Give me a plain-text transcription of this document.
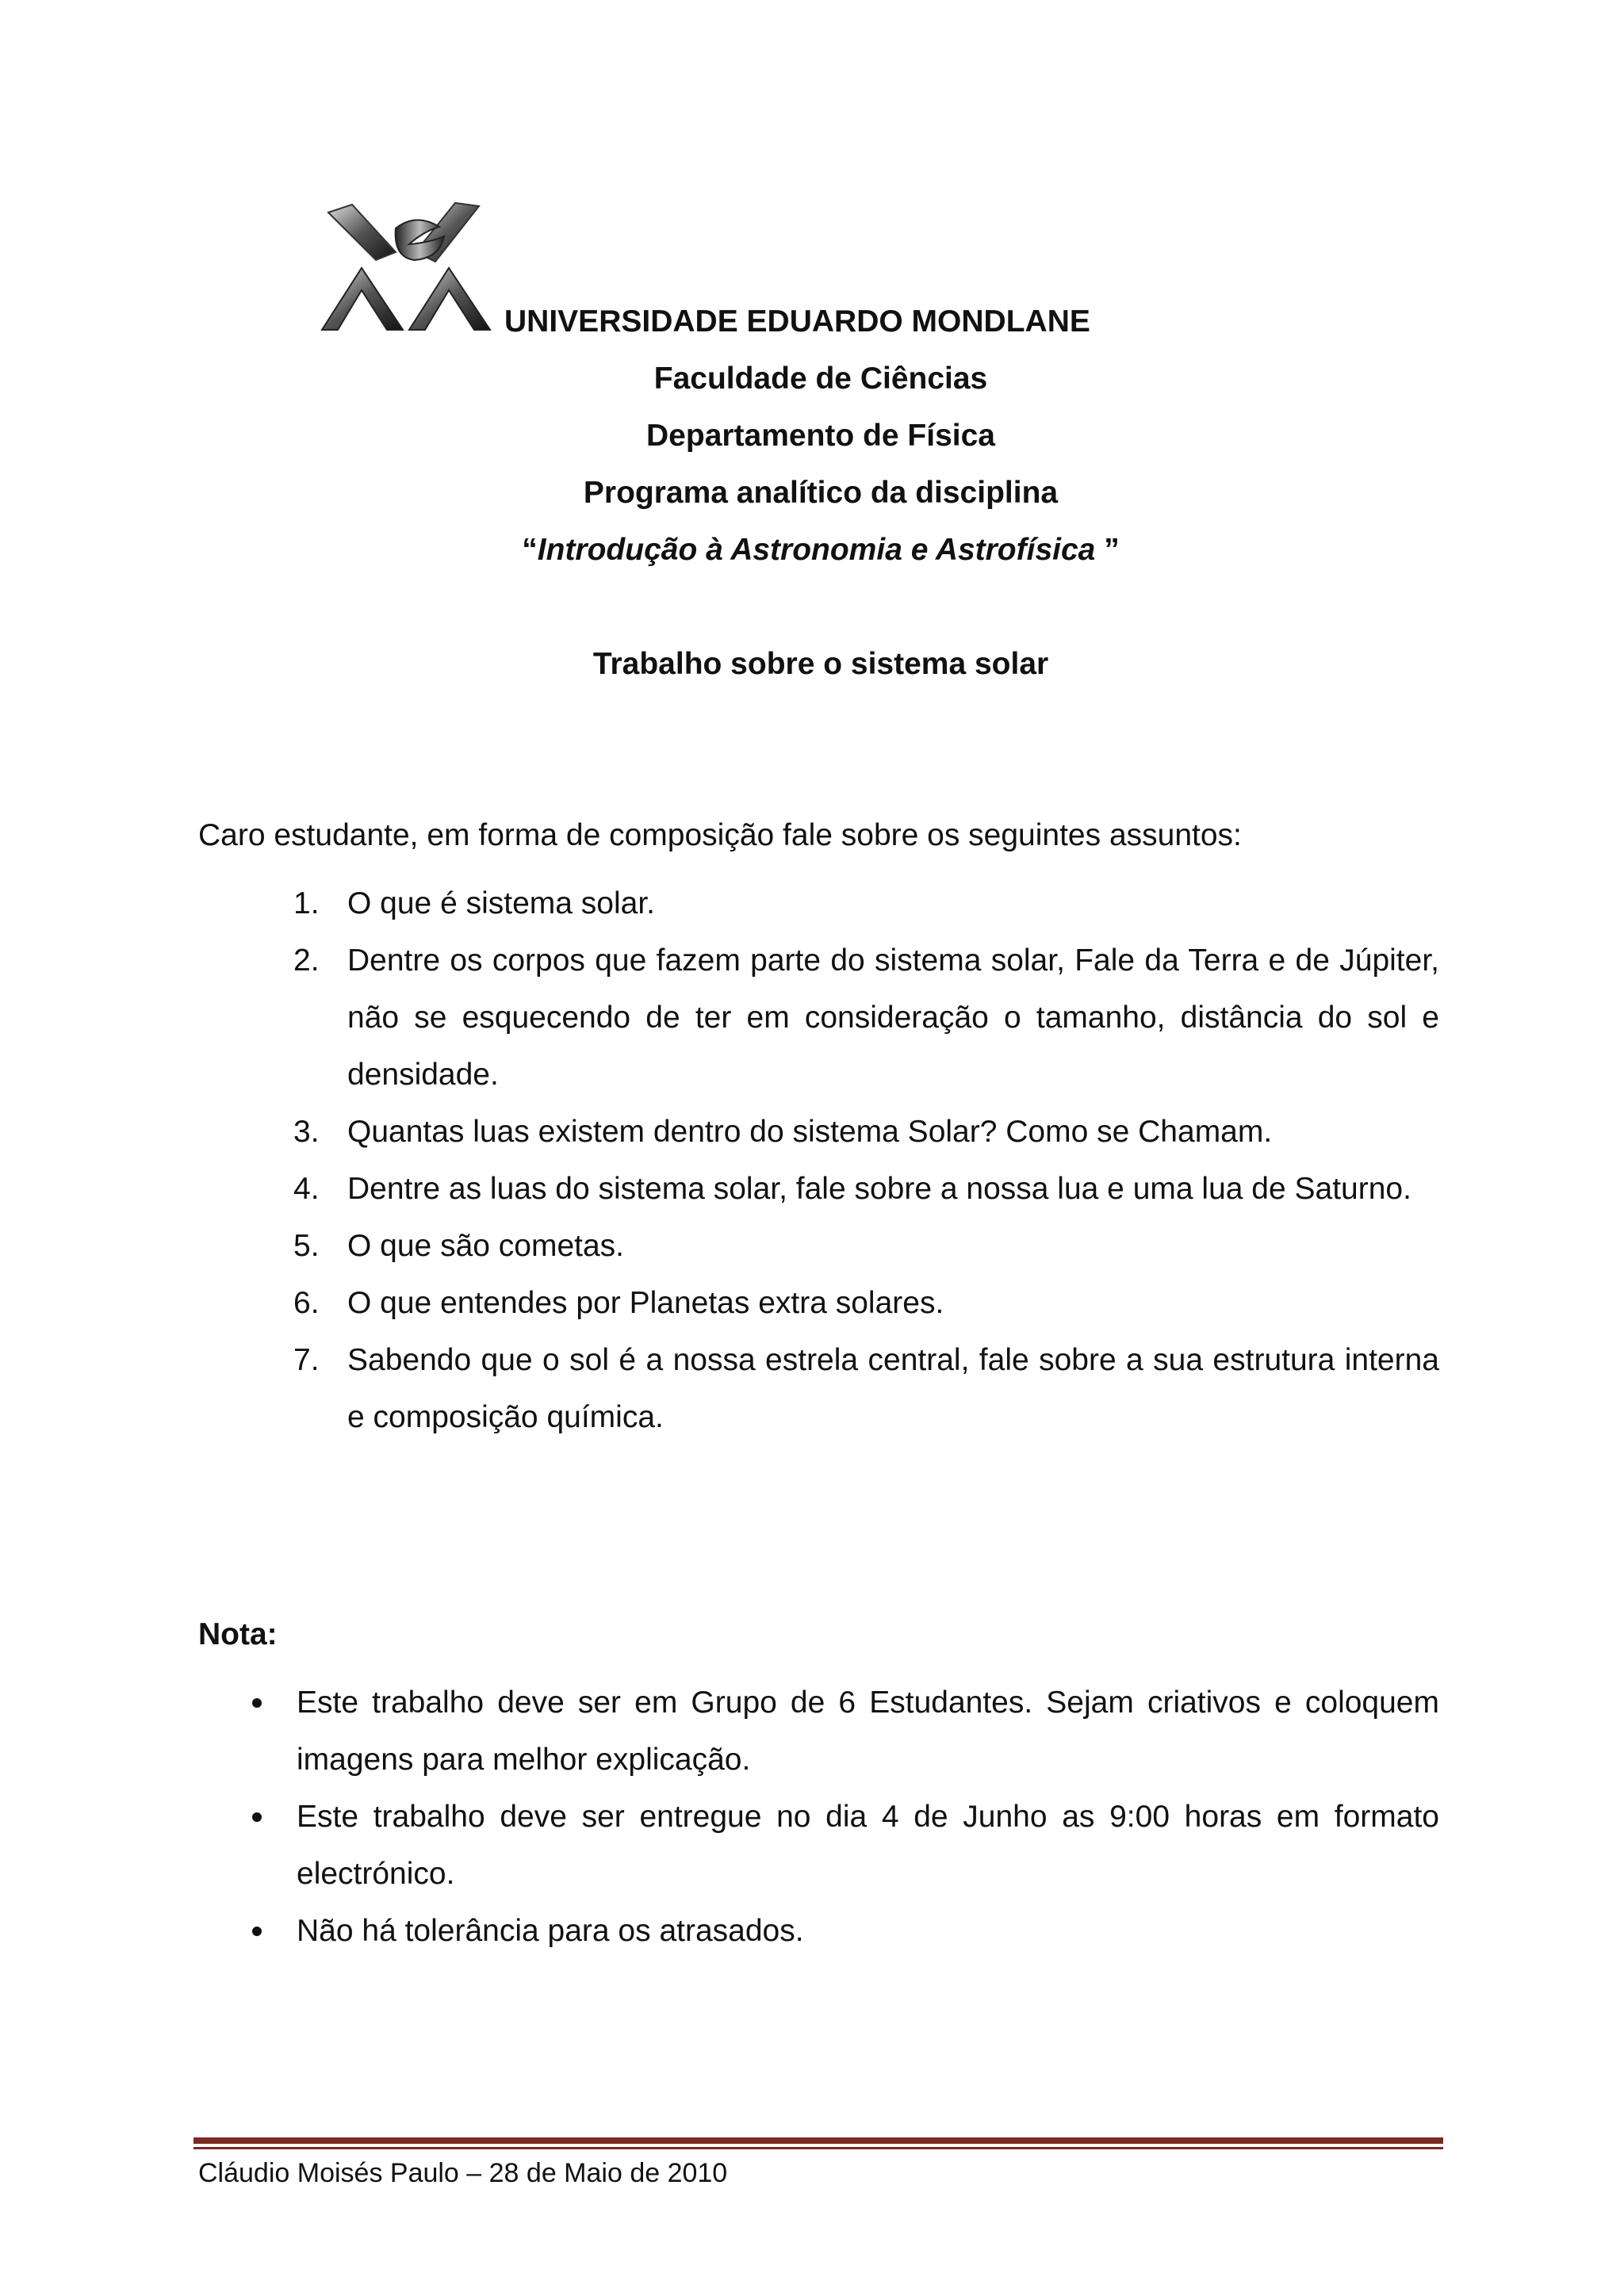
UNIVERSIDADE EDUARDO MONDLANE
Faculdade de Ciências
Departamento de Física
Programa analítico da disciplina
“Introdução à Astronomia e Astrofísica ”
Trabalho sobre o sistema solar
Caro estudante, em forma de composição fale sobre os seguintes assuntos:
1. O que é sistema solar.
2. Dentre os corpos que fazem parte do sistema solar, Fale da Terra e de Júpiter, não se esquecendo de ter em consideração o tamanho, distância do sol e densidade.
3. Quantas luas existem dentro do sistema Solar? Como se Chamam.
4. Dentre as luas do sistema solar, fale sobre a nossa lua e uma lua de Saturno.
5. O que são cometas.
6. O que entendes por Planetas extra solares.
7. Sabendo que o sol é a nossa estrela central, fale sobre a sua estrutura interna e composição química.
Nota:
Este trabalho deve ser em Grupo de 6 Estudantes. Sejam criativos e coloquem imagens para melhor explicação.
Este trabalho deve ser entregue no dia 4 de Junho as 9:00 horas em formato electrónico.
Não há tolerância para os atrasados.
Cláudio Moisés Paulo – 28 de Maio de 2010
